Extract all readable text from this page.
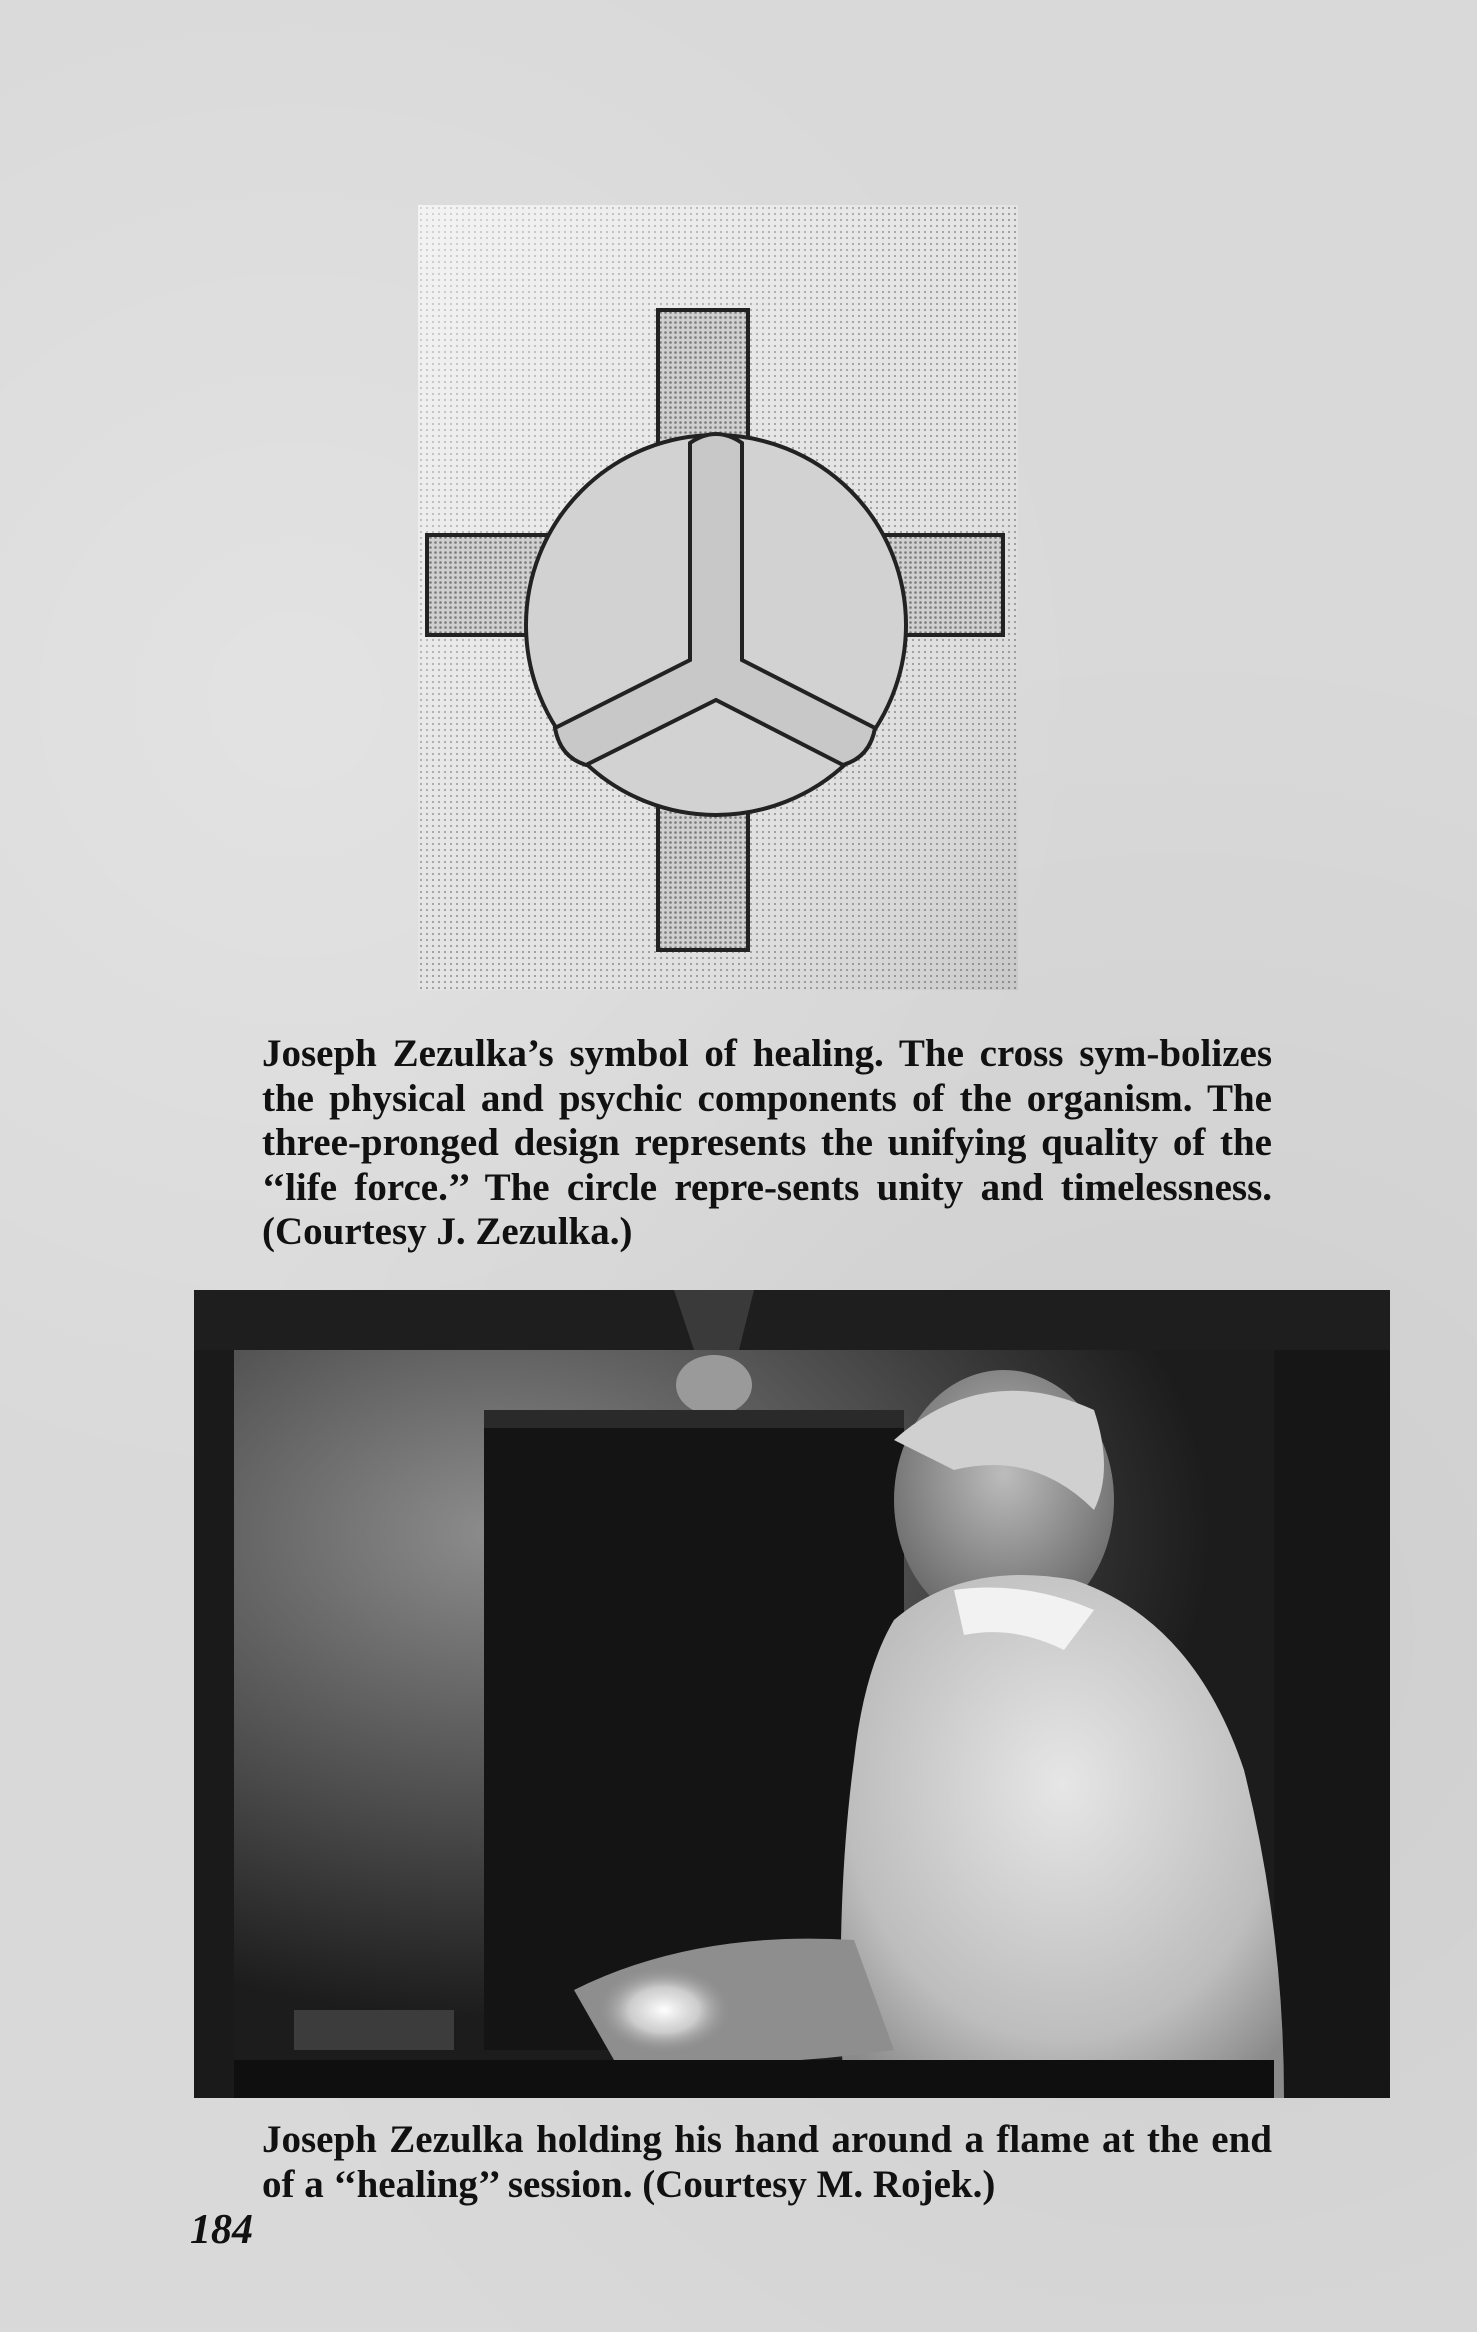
Joseph Zezulka’s symbol of healing. The cross sym-bolizes the physical and psychic components of the organism. The three-pronged design represents the unifying quality of the ‘‘life force.’’ The circle repre-sents unity and timelessness. (Courtesy J. Zezulka.)
Joseph Zezulka holding his hand around a flame at the end of a ‘‘healing’’ session. (Courtesy M. Rojek.)
184
